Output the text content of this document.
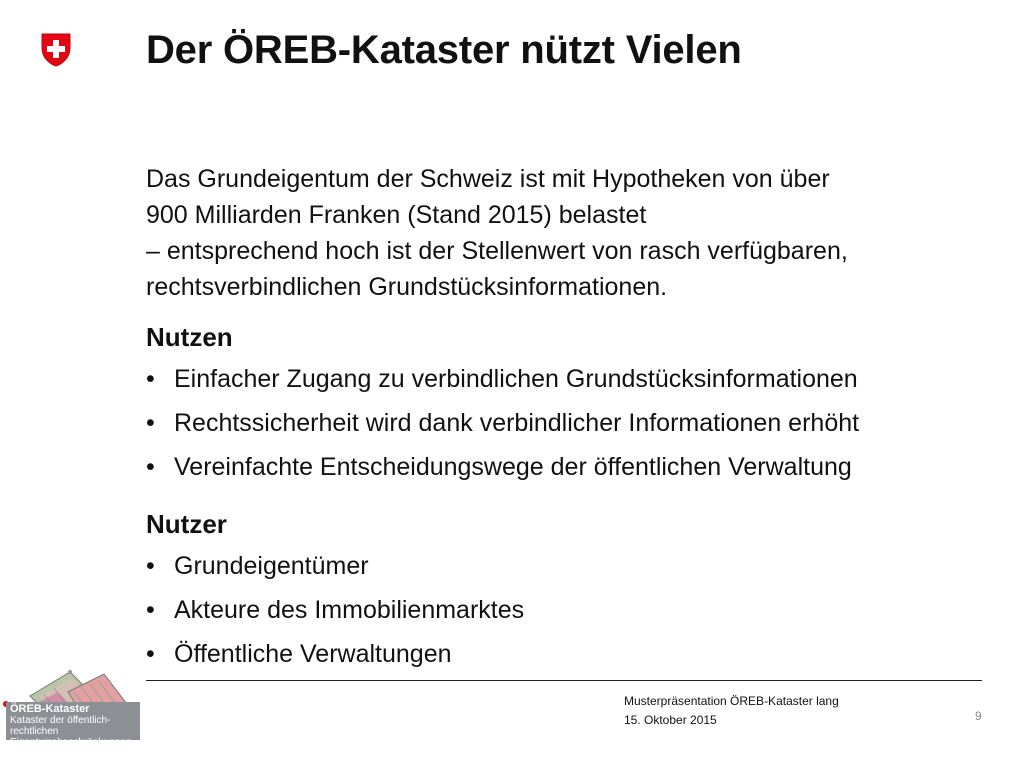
Der ÖREB-Kataster nützt Vielen
Das Grundeigentum der Schweiz ist mit Hypotheken von über
900 Milliarden Franken (Stand 2015) belastet
– entsprechend hoch ist der Stellenwert von rasch verfügbaren,
rechtsverbindlichen Grundstücksinformationen.
Nutzen
• Einfacher Zugang zu verbindlichen Grundstücksinformationen
• Rechtssicherheit wird dank verbindlicher Informationen erhöht
• Vereinfachte Entscheidungswege der öffentlichen Verwaltung
Nutzer
• Grundeigentümer
• Akteure des Immobilienmarktes
• Öffentliche Verwaltungen
ÖREB-Kataster
Kataster der öffentlich-rechtlichen
Eigentumsbeschränkungen
Musterpräsentation ÖREB-Kataster lang
15. Oktober 2015	9
